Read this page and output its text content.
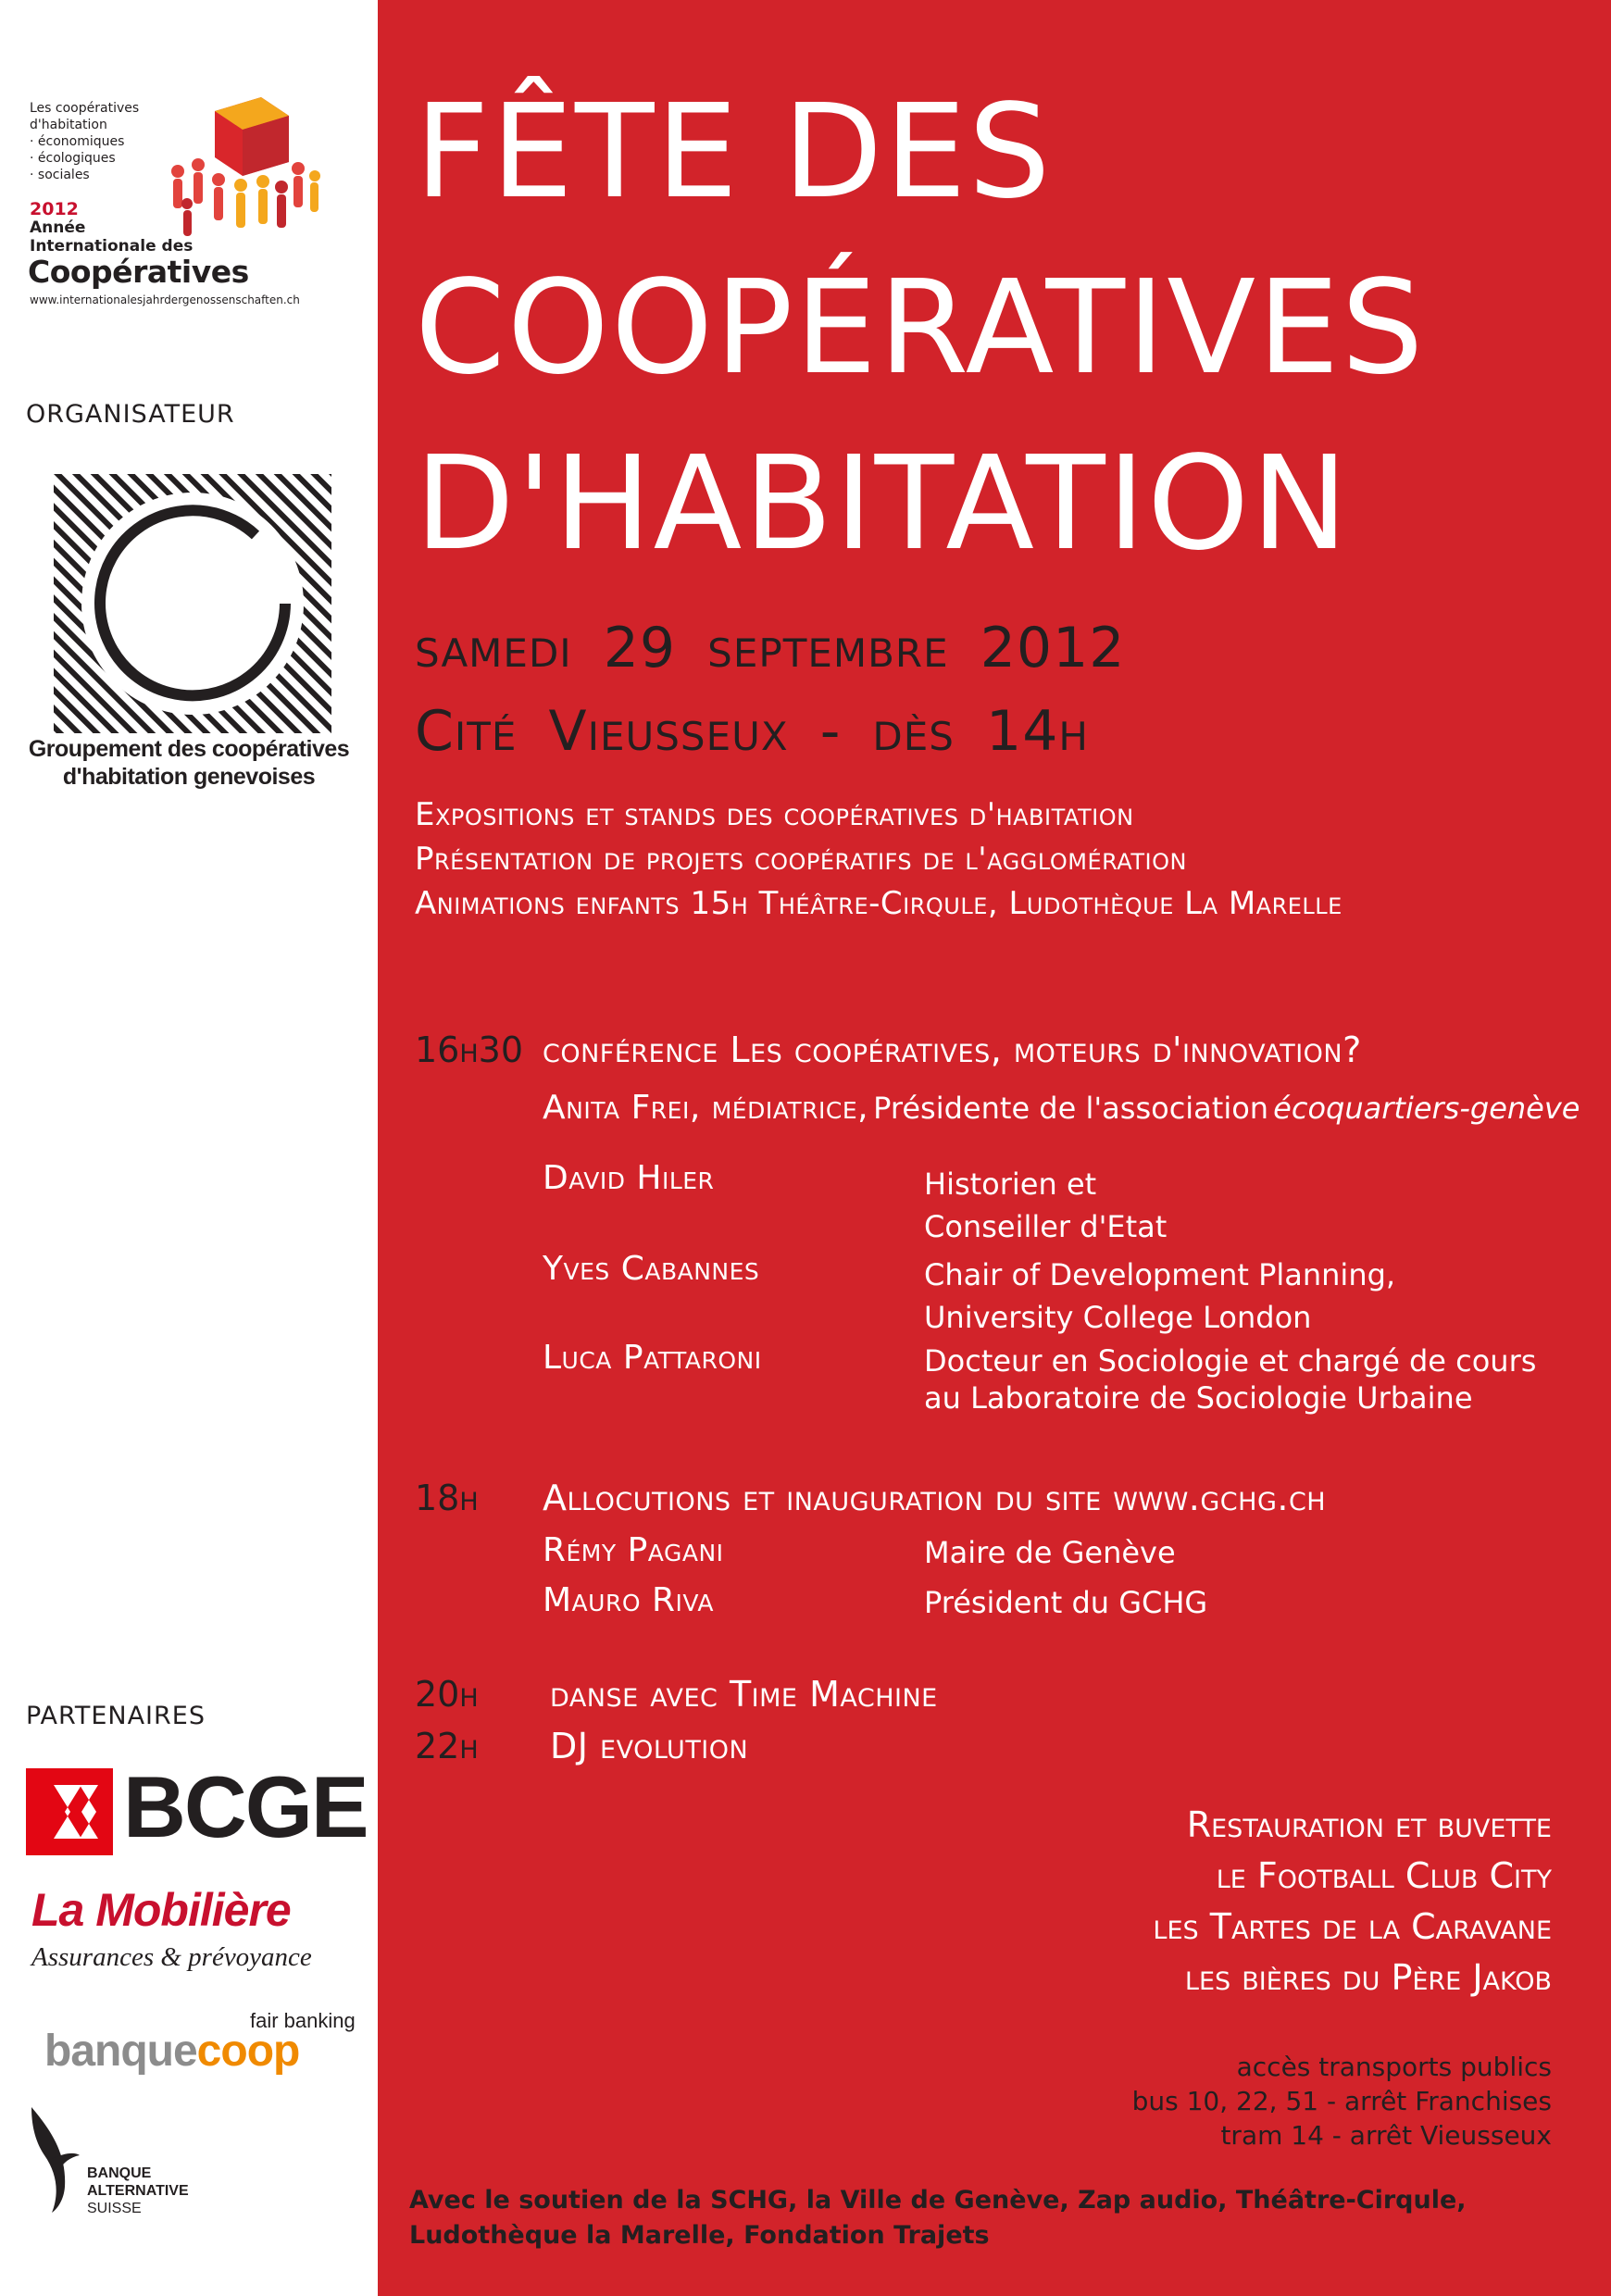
Les coopératives
d'habitation
· économiques
· écologiques
· sociales
2012
Année
Internationale des
Coopératives
www.internationalesjahrdergenossenschaften.ch
ORGANISATEUR
Groupement des coopératives
d'habitation genevoises
PARTENAIRES
BCGE
La Mobilière
Assurances & prévoyance
fair banking
banquecoop
BANQUE
ALTERNATIVE
SUISSE
FÊTE DES
COOPÉRATIVES
D'HABITATION
samedi 29 septembre 2012
Cité Vieusseux - dès 14h
Expositions et stands des coopératives d'habitation
Présentation de projets coopératifs de l'agglomération
Animations enfants 15h Théâtre-Cirqule, Ludothèque La Marelle
16h30 conférence Les coopératives, moteurs d'innovation?
Anita Frei, médiatrice, Présidente de l'association écoquartiers-genève
David Hiler	Historien et
Conseiller d'Etat
Yves Cabannes	Chair of Development Planning,
University College London
Luca Pattaroni	Docteur en Sociologie et chargé de cours
au Laboratoire de Sociologie Urbaine
18h Allocutions et inauguration du site www.gchg.ch
Rémy Pagani	Maire de Genève
Mauro Riva	Président du GCHG
20h danse avec Time Machine
22h DJ evolution
Restauration et buvette
le Football Club City
les Tartes de la Caravane
les bières du Père Jakob
accès transports publics
bus 10, 22, 51 - arrêt Franchises
tram 14 - arrêt Vieusseux
Avec le soutien de la SCHG, la Ville de Genève, Zap audio, Théâtre-Cirqule,
Ludothèque la Marelle, Fondation Trajets
